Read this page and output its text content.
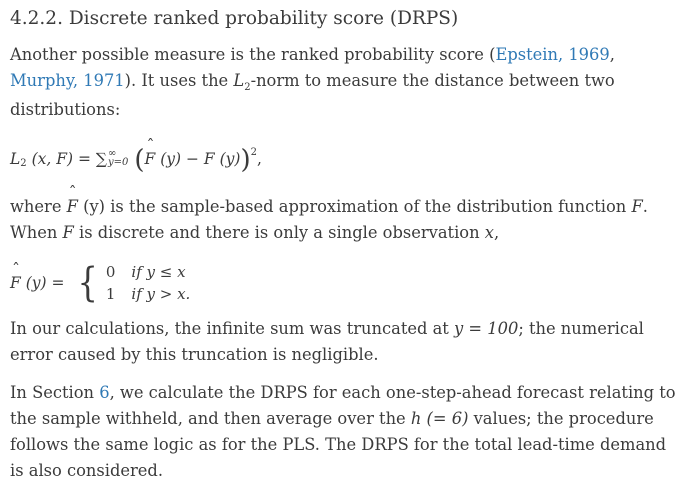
4.2.2. Discrete ranked probability score (DRPS)

Another possible measure is the ranked probability score (Epstein, 1969, Murphy, 1971). It uses the $L_2$-norm to measure the distance between two distributions:

L 2 (x, F) = ∑ ∞
y=0 (
ˆ F (y) − F (y) ) 2 ,

where ˆ F (y) is the sample-based approximation of the distribution function F.
When F is discrete and there is only a single observation x,

ˆ F (y) = { 0 if y ≤ x
1 if y > x.

In our calculations, the infinite sum was truncated at y = 100; the numerical error caused by this truncation is negligible.

In Section 6, we calculate the DRPS for each one-step-ahead forecast relating to the sample withheld, and then average over the h (= 6) values; the procedure follows the same logic as for the PLS. The DRPS for the total lead-time demand is also considered.
